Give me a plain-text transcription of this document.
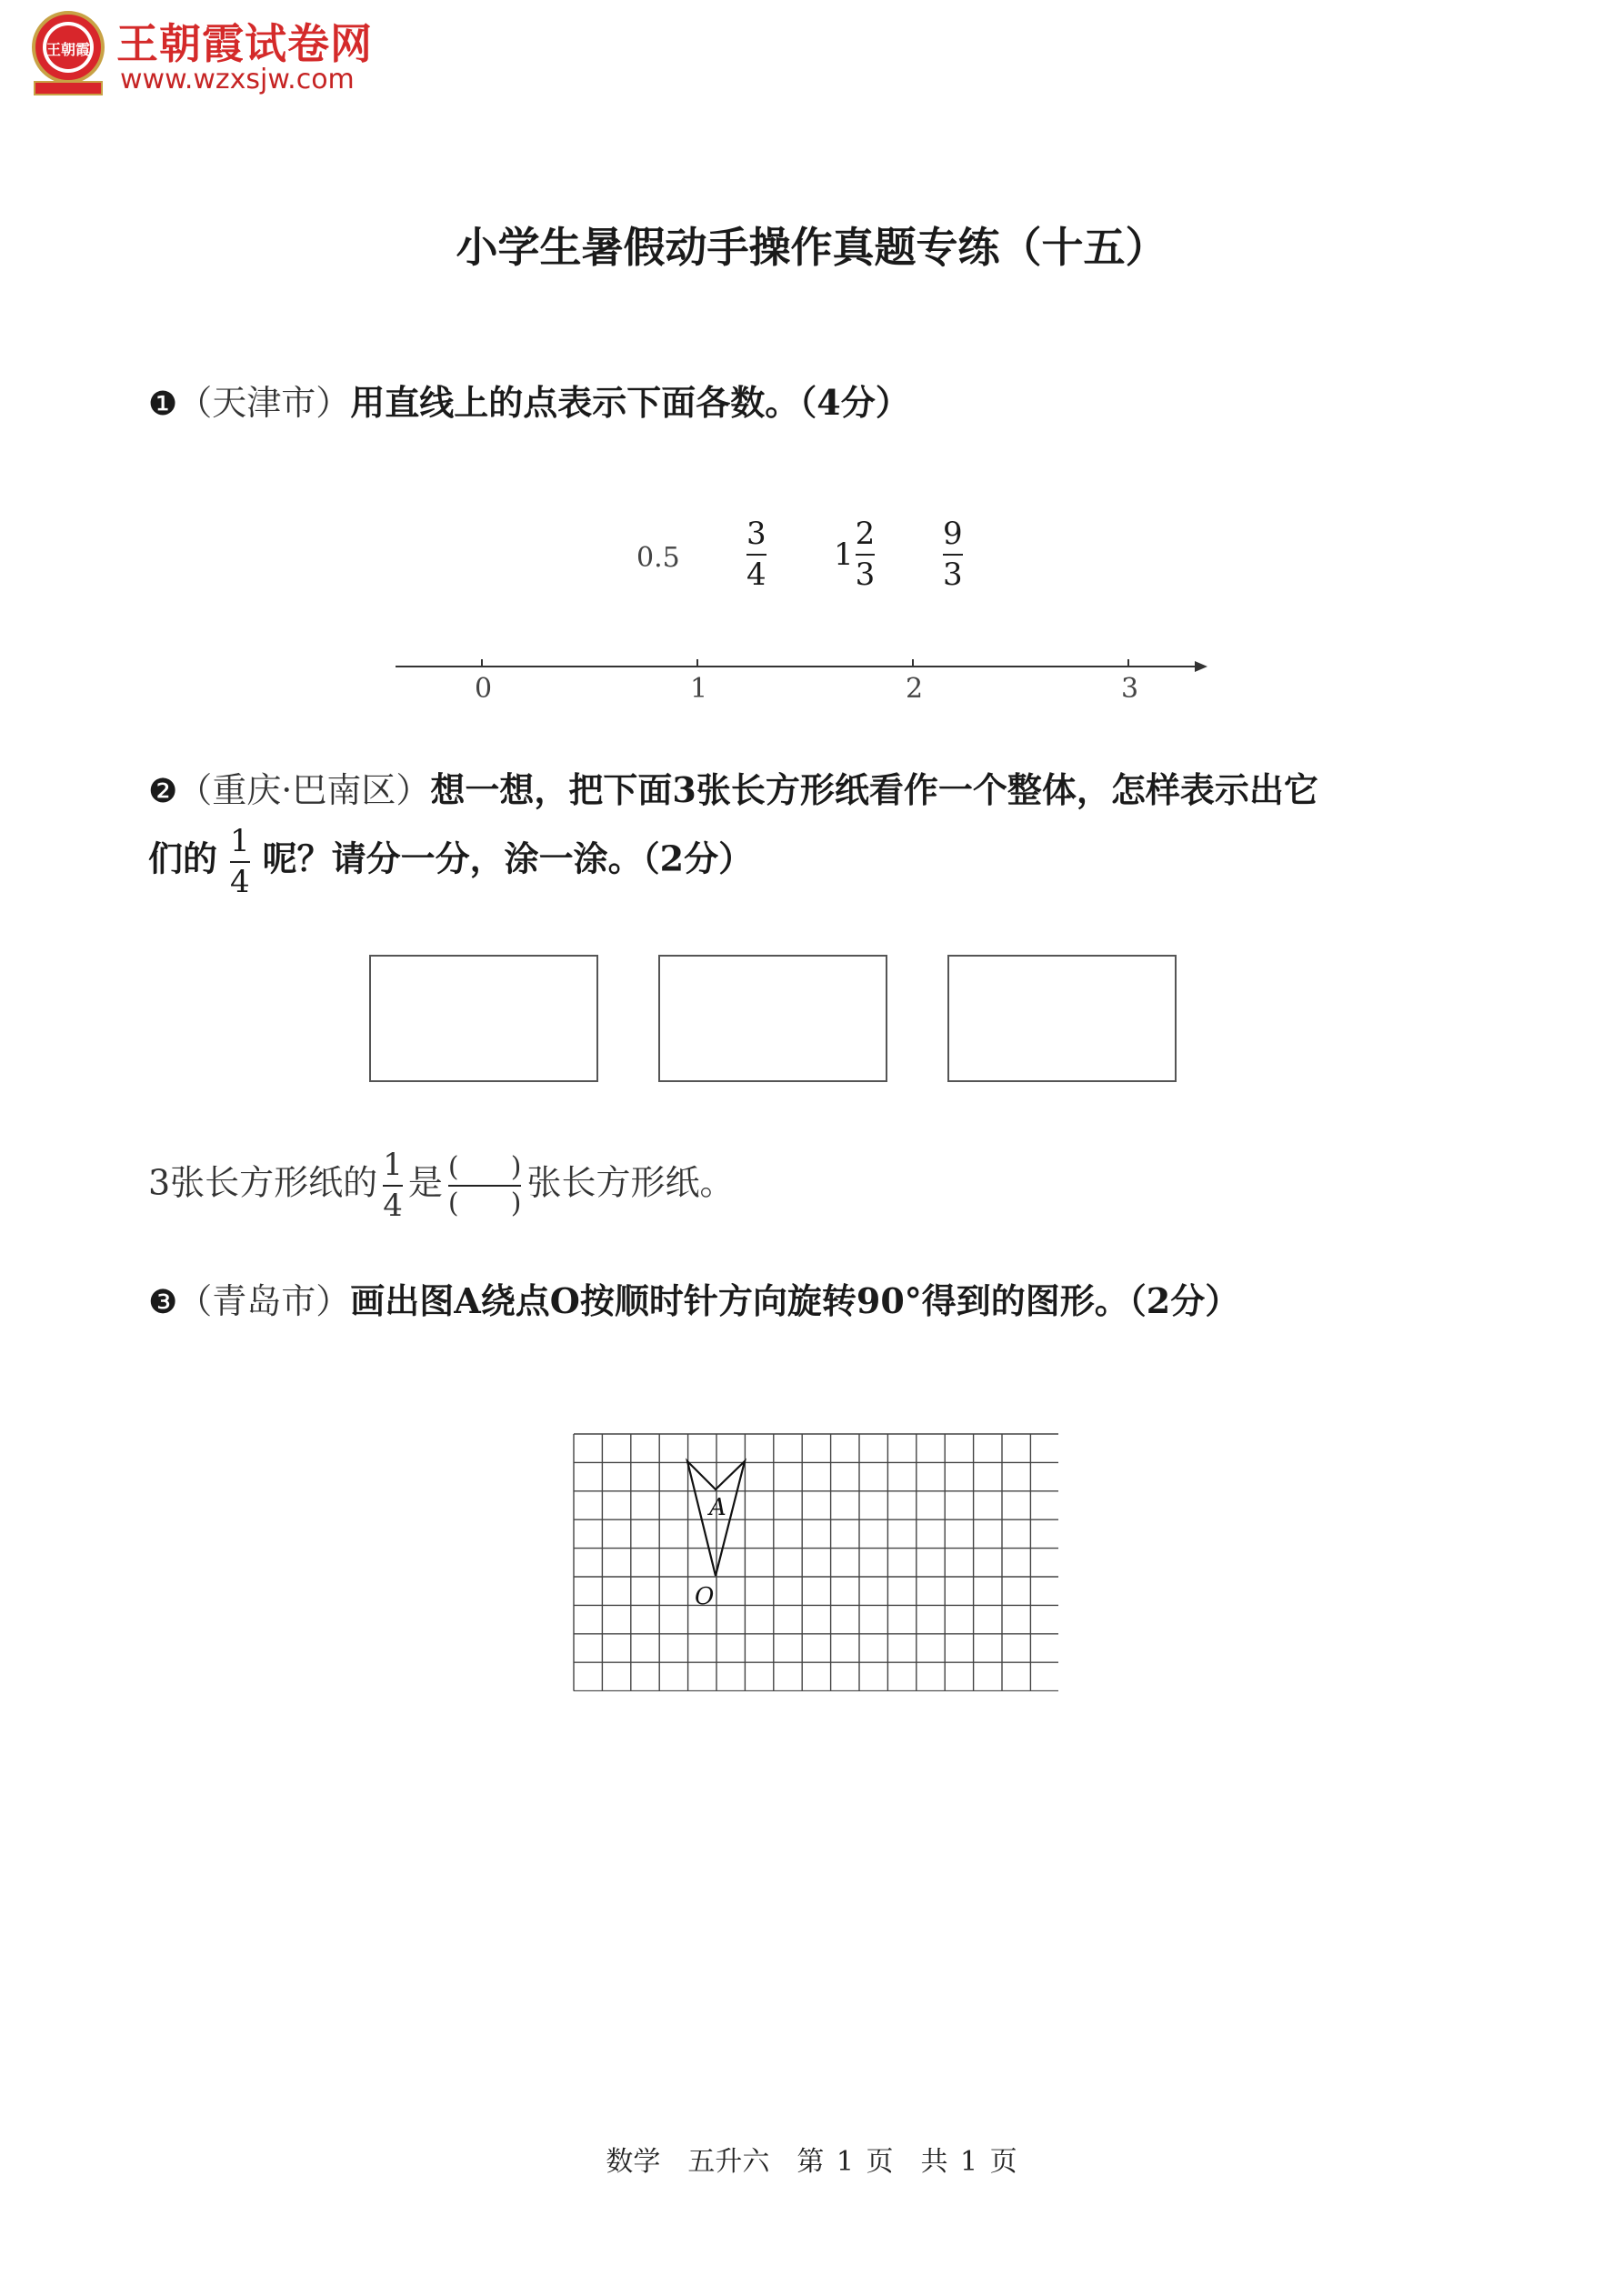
王朝霞 王朝霞试卷网
www.wzxsjw.com
小学生暑假动手操作真题专练（十五）
❶（天津市）用直线上的点表示下面各数。（4分）
$0.5 \frac{3}{4} 1\frac{2}{3} \frac{9}{3}$
0	1	2	3
❷（重庆·巴南区）想一想，把下面3张长方形纸看作一个整体，怎样表示出它
们的 $\frac{1}{4}$ 呢？请分一分，涂一涂。（2分）
3张长方形纸的 $\frac{1}{4}$ 是 $\frac{( )}{( )}$ 张长方形纸。
❸（青岛市）画出图A绕点O按顺时针方向旋转90°得到的图形。（2分）
A
O
数学　五升六　第 1 页　共 1 页
